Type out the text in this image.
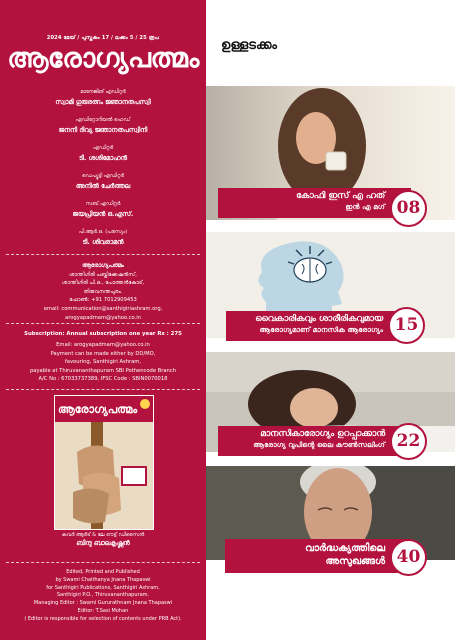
2024 മേയ് / പുസ്തകം 17 / ലക്കം 5 / 25 രൂപ
ആരോഗ്യപത്മം
മാനേജിങ് എഡിറ്റർ
സ്വാമി ഗുരുരത്നം ജ്ഞാനതപസ്വി
എഡിറ്റോറിയൽ ഹെഡ്
ജനനി ദിവ്യ ജ്ഞാനതപസ്വിനി
എഡിറ്റർ
ടി. ശശിമോഹൻ
ഡെപ്യൂട്ടി എഡിറ്റർ
അനിൽ ചേർത്തല
സബ് എഡിറ്റർ
ജയപ്രിയൻ ഒ.എസ്.
പി.ആർ.ഒ. (പരസ്യം)
ടി. ശിവരാമൻ
ആരോഗ്യപത്മം
ശാന്തിഗിരി പബ്ലിക്കേഷൻസ്,
ശാന്തിഗിരി പി.ഒ., പോത്തൻകോട്,
തിരുവനന്തപുരം.
ഫോൺ: +91 7012909453
email: communication@santhigiriashram.org,
arogyapadmam@yahoo.co.in
Subscription: Annual subscription one year Rs : 275
Email: arogyapadmam@yahoo.co.in
Payment can be made either by DD/MO,
favouring, Santhigiri Ashram,
payable at Thiruvananthapuram SBI Pothencode Branch
A/C No : 67033737389, IFSC Code : SBIN0070018
ആരോഗ്യപത്മം
കവർ ആർട് & ലേ ഔട്ട് ഡിസൈൻ
ബിന്ദു ബാലകൃഷ്ണൻ
Edited, Printed and Published
by Swami Chaithanya Jnana Thapaswi
for Santhigiri Publications, Santhigiri Ashram,
Santhigiri P.O., Thiruvananthapuram.
Managing Editor : Swami Gururathnam Jnana Thapaswi
Editor: T.Sasi Mohan
( Editor is responsible for selection of contents under PRB Act).
ഉള്ളടക്കം
കോഫി ഇസ് എ ഹത്
ഇൻ എ മഗ് 08
വൈകാരികവും ശാരീരികവുമായ
ആരോഗ്യമാണ് മാനസിക ആരോഗ്യം 15
മാനസികാരോഗ്യം ഉറപ്പാക്കാൻ
ആരോഗ്യ വുപിന്റെ ലൈ കൗൺസലിംഗ് 22
വാർദ്ധക്യത്തിലെ
അസുഖങ്ങൾ 40
